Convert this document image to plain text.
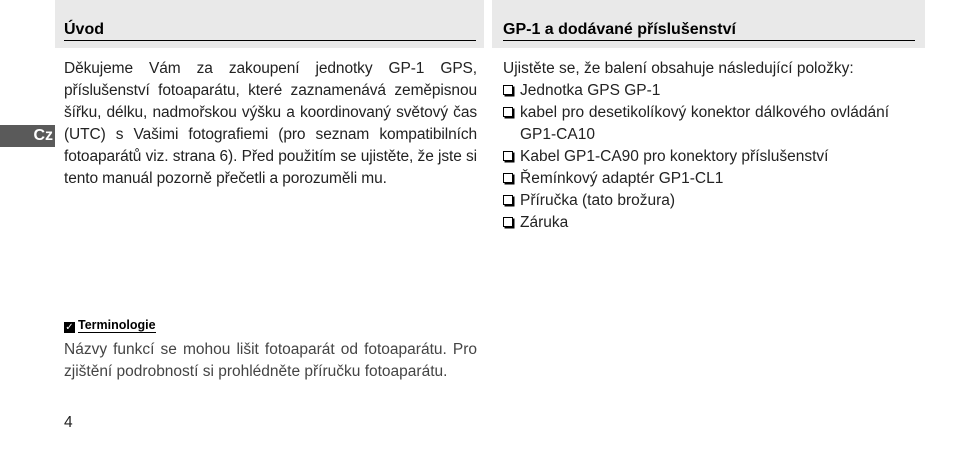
Úvod	GP-1 a dodávané příslušenství
Cz

Děkujeme Vám za zakoupení jednotky GP-1 GPS, příslušenství fotoaparátu, které zaznamenává zeměpisnou šířku, délku, nadmořskou výšku a koordinovaný světový čas (UTC) s Vašimi fotografiemi (pro seznam kompatibilních fotoaparátů viz. strana 6). Před použitím se ujistěte, že jste si tento manuál pozorně přečetli a porozuměli mu.

Ujistěte se, že balení obsahuje následující položky:

Jednotka GPS GP-1
kabel pro desetikolíkový konektor dálkového ovládání GP1-CA10
Kabel GP1-CA90 pro konektory příslušenství
Řemínkový adaptér GP1-CL1
Příručka (tato brožura)
Záruka
✓ Terminologie

Názvy funkcí se mohou lišit fotoaparát od fotoaparátu. Pro zjištění podrobností si prohlédněte příručku fotoaparátu.

4
